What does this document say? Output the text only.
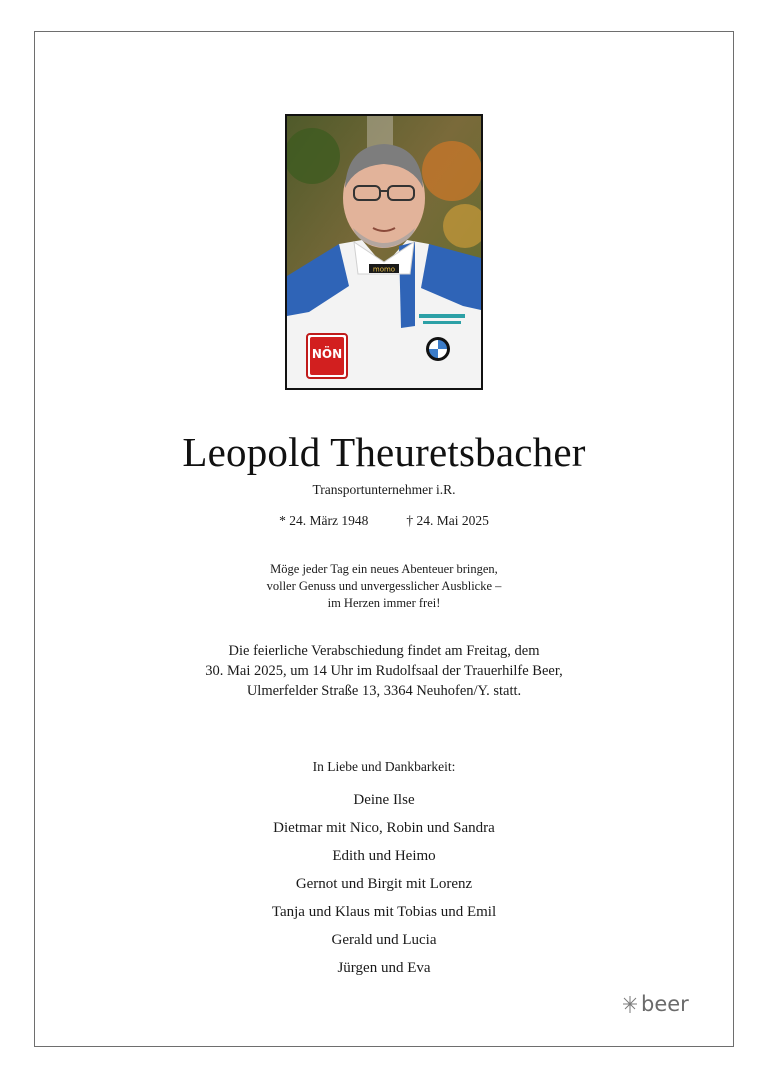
momo
NÖN
Leopold Theuretsbacher
Transportunternehmer i.R.
* 24. März 1948	† 24. Mai 2025
Möge jeder Tag ein neues Abenteuer bringen,
voller Genuss und unvergesslicher Ausblicke –
im Herzen immer frei!
Die feierliche Verabschiedung findet am Freitag, dem
30. Mai 2025, um 14 Uhr im Rudolfsaal der Trauerhilfe Beer,
Ulmerfelder Straße 13, 3364 Neuhofen/Y. statt.
In Liebe und Dankbarkeit:
Deine Ilse
Dietmar mit Nico, Robin und Sandra
Edith und Heimo
Gernot und Birgit mit Lorenz
Tanja und Klaus mit Tobias und Emil
Gerald und Lucia
Jürgen und Eva
beer
